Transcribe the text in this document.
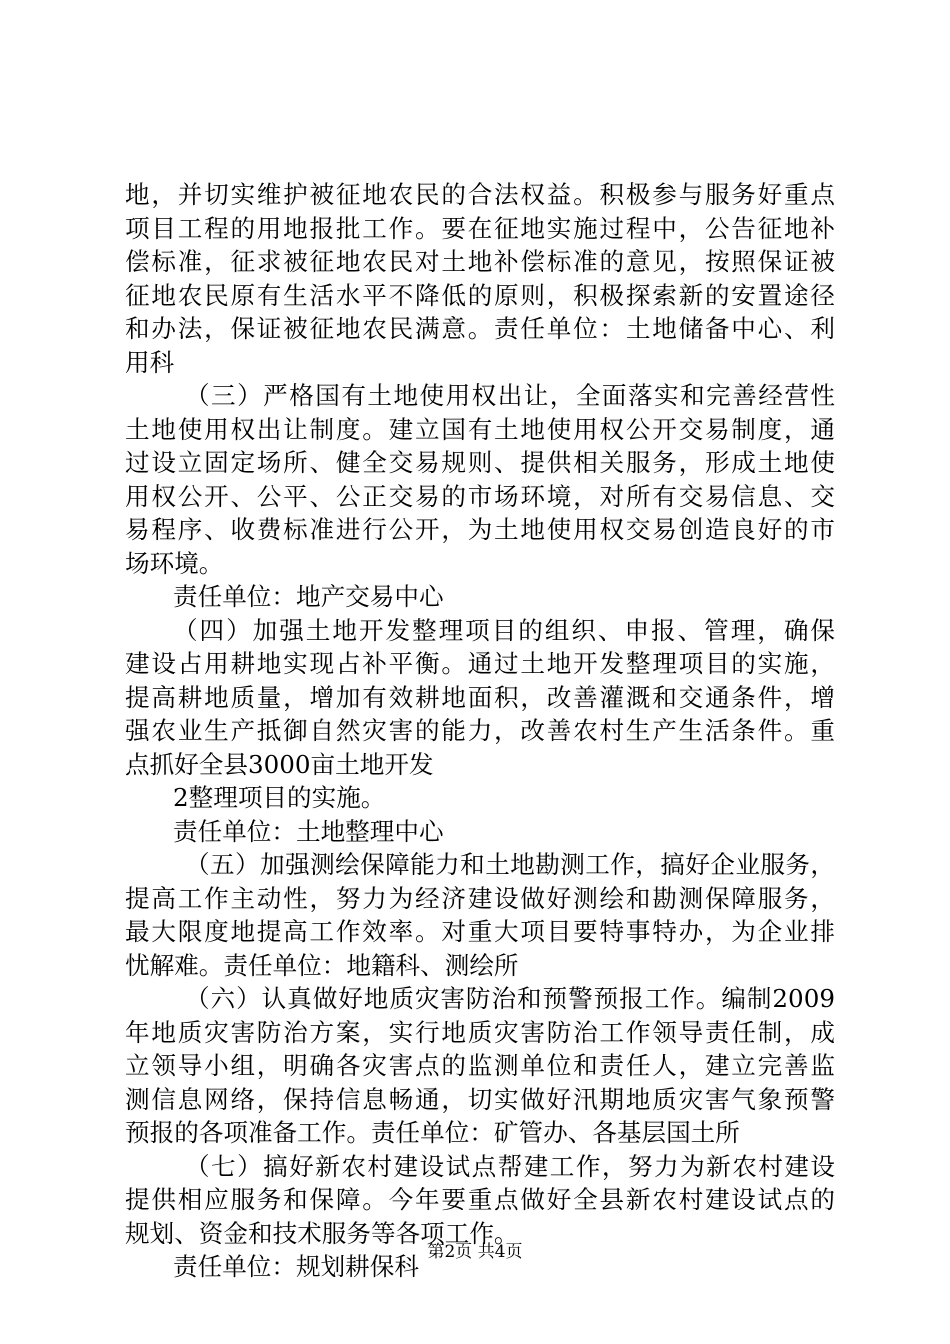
地，并切实维护被征地农民的合法权益。积极参与服务好重点
项目工程的用地报批工作。要在征地实施过程中，公告征地补
偿标准，征求被征地农民对土地补偿标准的意见，按照保证被
征地农民原有生活水平不降低的原则，积极探索新的安置途径
和办法，保证被征地农民满意。责任单位：土地储备中心、利
用科
（三）严格国有土地使用权出让，全面落实和完善经营性
土地使用权出让制度。建立国有土地使用权公开交易制度，通
过设立固定场所、健全交易规则、提供相关服务，形成土地使
用权公开、公平、公正交易的市场环境，对所有交易信息、交
易程序、收费标准进行公开，为土地使用权交易创造良好的市
场环境。
责任单位：地产交易中心
（四）加强土地开发整理项目的组织、申报、管理，确保
建设占用耕地实现占补平衡。通过土地开发整理项目的实施，
提高耕地质量，增加有效耕地面积，改善灌溉和交通条件，增
强农业生产抵御自然灾害的能力，改善农村生产生活条件。重
点抓好全县3000亩土地开发
2整理项目的实施。
责任单位：土地整理中心
（五）加强测绘保障能力和土地勘测工作，搞好企业服务，
提高工作主动性，努力为经济建设做好测绘和勘测保障服务，
最大限度地提高工作效率。对重大项目要特事特办，为企业排
忧解难。责任单位：地籍科、测绘所
（六）认真做好地质灾害防治和预警预报工作。编制2009
年地质灾害防治方案，实行地质灾害防治工作领导责任制，成
立领导小组，明确各灾害点的监测单位和责任人，建立完善监
测信息网络，保持信息畅通，切实做好汛期地质灾害气象预警
预报的各项准备工作。责任单位：矿管办、各基层国土所
（七）搞好新农村建设试点帮建工作，努力为新农村建设
提供相应服务和保障。今年要重点做好全县新农村建设试点的
规划、资金和技术服务等各项工作。
责任单位：规划耕保科 第2页 共4页
